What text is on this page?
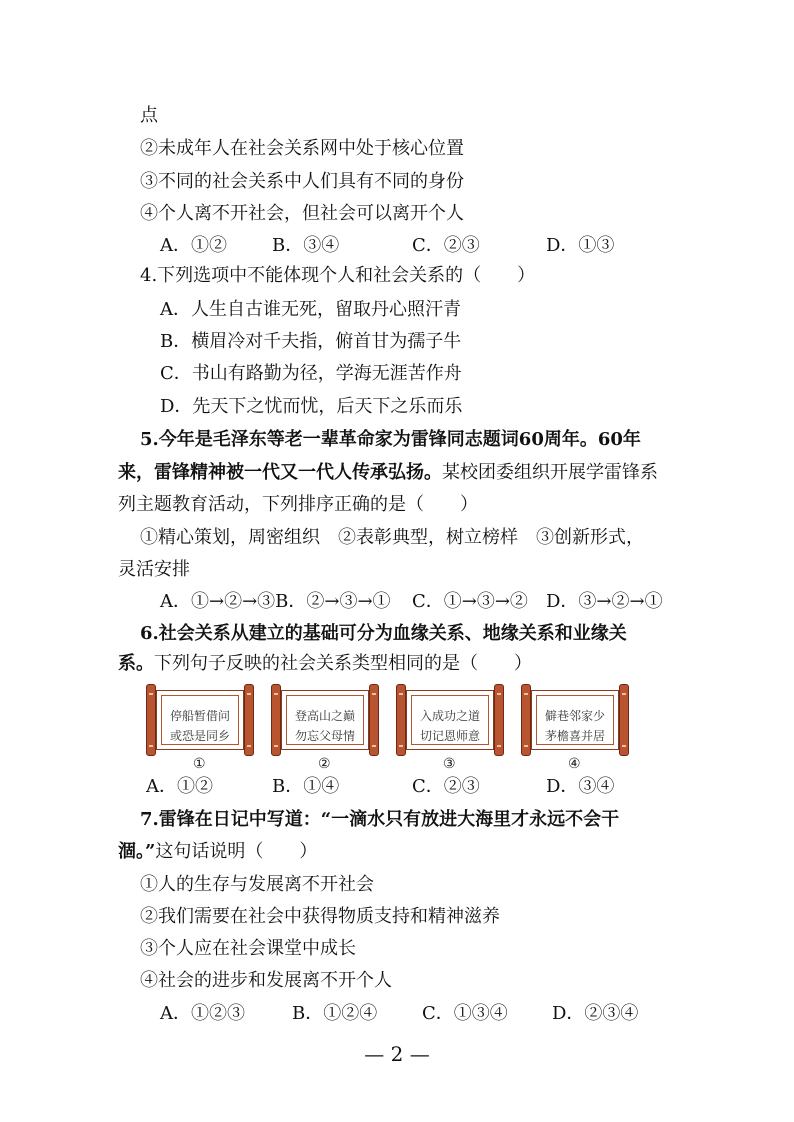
点
②未成年人在社会关系网中处于核心位置
③不同的社会关系中人们具有不同的身份
④个人离不开社会，但社会可以离开个人
A．①②	B．③④	C．②③	D．①③
4.下列选项中不能体现个人和社会关系的（　　）
A．人生自古谁无死，留取丹心照汗青
B．横眉冷对千夫指，俯首甘为孺子牛
C．书山有路勤为径，学海无涯苦作舟
D．先天下之忧而忧，后天下之乐而乐
5.今年是毛泽东等老一辈革命家为雷锋同志题词60周年。60年
来，雷锋精神被一代又一代人传承弘扬。某校团委组织开展学雷锋系
列主题教育活动，下列排序正确的是（　　）
①精心策划，周密组织　②表彰典型，树立榜样　③创新形式，
灵活安排
A．①→②→③B．②→③→① C．①→③→② D．③→②→①
6.社会关系从建立的基础可分为血缘关系、地缘关系和业缘关
系。下列句子反映的社会关系类型相同的是（　　）
停船暂借问
或恐是同乡
登高山之巅
勿忘父母情
入成功之道
切记恩师意
僻巷邻家少
茅檐喜并居
①	②	③	④
A．①②	B．①④	C．②③	D．③④
7.雷锋在日记中写道：“一滴水只有放进大海里才永远不会干
涸。”这句话说明（　　）
①人的生存与发展离不开社会
②我们需要在社会中获得物质支持和精神滋养
③个人应在社会课堂中成长
④社会的进步和发展离不开个人
A．①②③	B．①②④ C．①③④ D．②③④
— 2 —
